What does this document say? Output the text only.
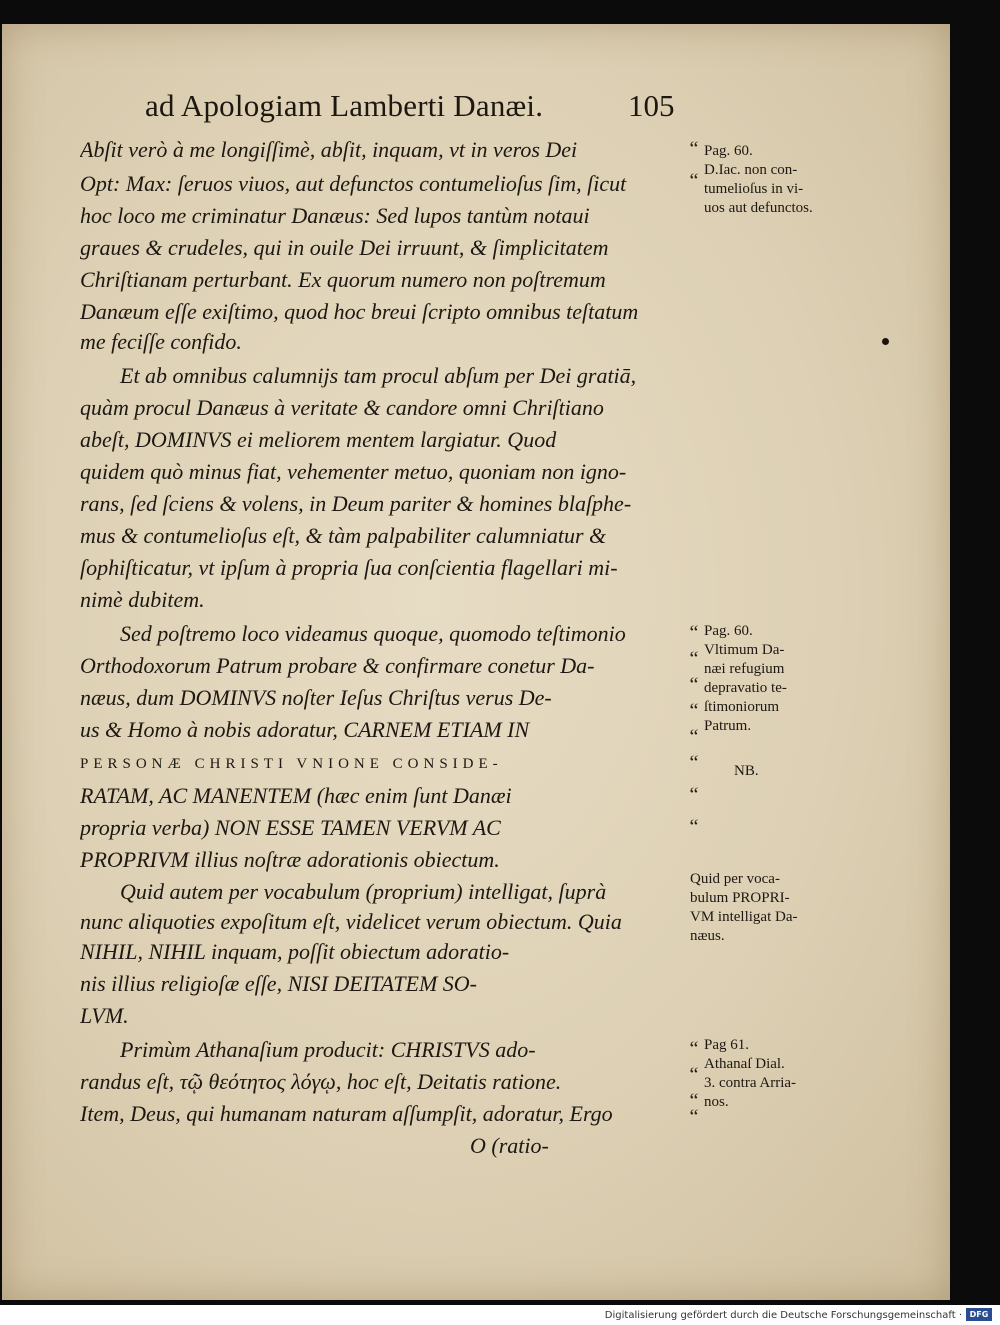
ad Apologiam Lamberti Danæi.	105
Abſit verò à me longiſſimè, abſit, inquam, vt in veros Dei
Opt: Max: ſeruos viuos, aut defunctos contumelioſus ſim, ſicut
hoc loco me criminatur Danæus: Sed lupos tantùm notaui
graues & crudeles, qui in ouile Dei irruunt, & ſimplicitatem
Chriſtianam perturbant. Ex quorum numero non poſtremum
Danæum eſſe exiſtimo, quod hoc breui ſcripto omnibus teſtatum
me feciſſe confido.
Et ab omnibus calumnijs tam procul abſum per Dei gratiā,
quàm procul Danæus à veritate & candore omni Chriſtiano
abeſt, DOMINVS ei meliorem mentem largiatur. Quod
quidem quò minus fiat, vehementer metuo, quoniam non igno-
rans, ſed ſciens & volens, in Deum pariter & homines blaſphe-
mus & contumelioſus eſt, & tàm palpabiliter calumniatur &
ſophiſticatur, vt ipſum à propria ſua conſcientia flagellari mi-
nimè dubitem.
Sed poſtremo loco videamus quoque, quomodo teſtimonio
Orthodoxorum Patrum probare & confirmare conetur Da-
næus, dum DOMINVS noſter Ieſus Chriſtus verus De-
us & Homo à nobis adoratur, CARNEM ETIAM IN
PERSONÆ CHRISTI VNIONE CONSIDE-
RATAM, AC MANENTEM (hæc enim ſunt Danæi
propria verba) NON ESSE TAMEN VERVM AC
PROPRIVM illius noſtræ adorationis obiectum.
Quid autem per vocabulum (proprium) intelligat, ſuprà
nunc aliquoties expoſitum eſt, videlicet verum obiectum. Quia
NIHIL, NIHIL inquam, poſſit obiectum adoratio-
nis illius religioſæ eſſe, NISI DEITATEM SO-
LVM.
Primùm Athanaſium producit: CHRISTVS ado-
randus eſt, τῷ θεότητος λόγῳ, hoc eſt, Deitatis ratione.
Item, Deus, qui humanam naturam aſſumpſit, adoratur, Ergo
O (ratio-
“
“
“
“
“
“
“
“
“
“
“
“
“
“
Pag. 60.
D.Iac. non con-
tumelioſus in vi-
uos aut defunctos.
Pag. 60.
Vltimum Da-
næi refugium
depravatio te-
ſtimoniorum
Patrum.
NB.
Quid per voca-
bulum PROPRI-
VM intelligat Da-
næus.
Pag 61.
Athanaſ Dial.
3. contra Arria-
nos.
Digitalisierung gefördert durch die Deutsche Forschungsgemeinschaft · DFG
